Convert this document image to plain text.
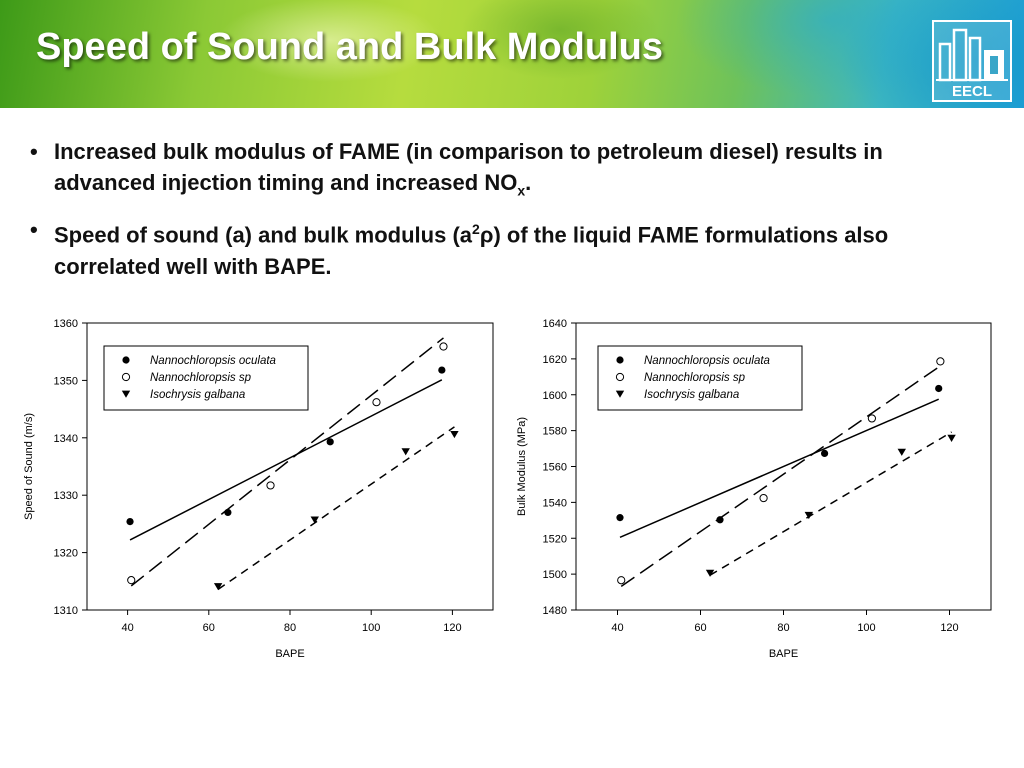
Speed of Sound and Bulk Modulus
EECL
• Increased bulk modulus of FAME (in comparison to petroleum diesel) results in advanced injection timing and increased $NO_x$.
• Speed of sound (a) and bulk modulus $(a^2\rho)$ of the liquid FAME formulations also correlated well with BAPE.
1310
1320
1330
1340
1350
1360
40	60	80	100	120
BAPE
Speed of Sound (m/s)
Nannochloropsis oculata
Nannochloropsis sp
Isochrysis galbana
1480
1500
1520
1540
1560
1580
1600
1620
1640
40	60	80	100	120
BAPE
Bulk Modulus (MPa)
Nannochloropsis oculata
Nannochloropsis sp
Isochrysis galbana
